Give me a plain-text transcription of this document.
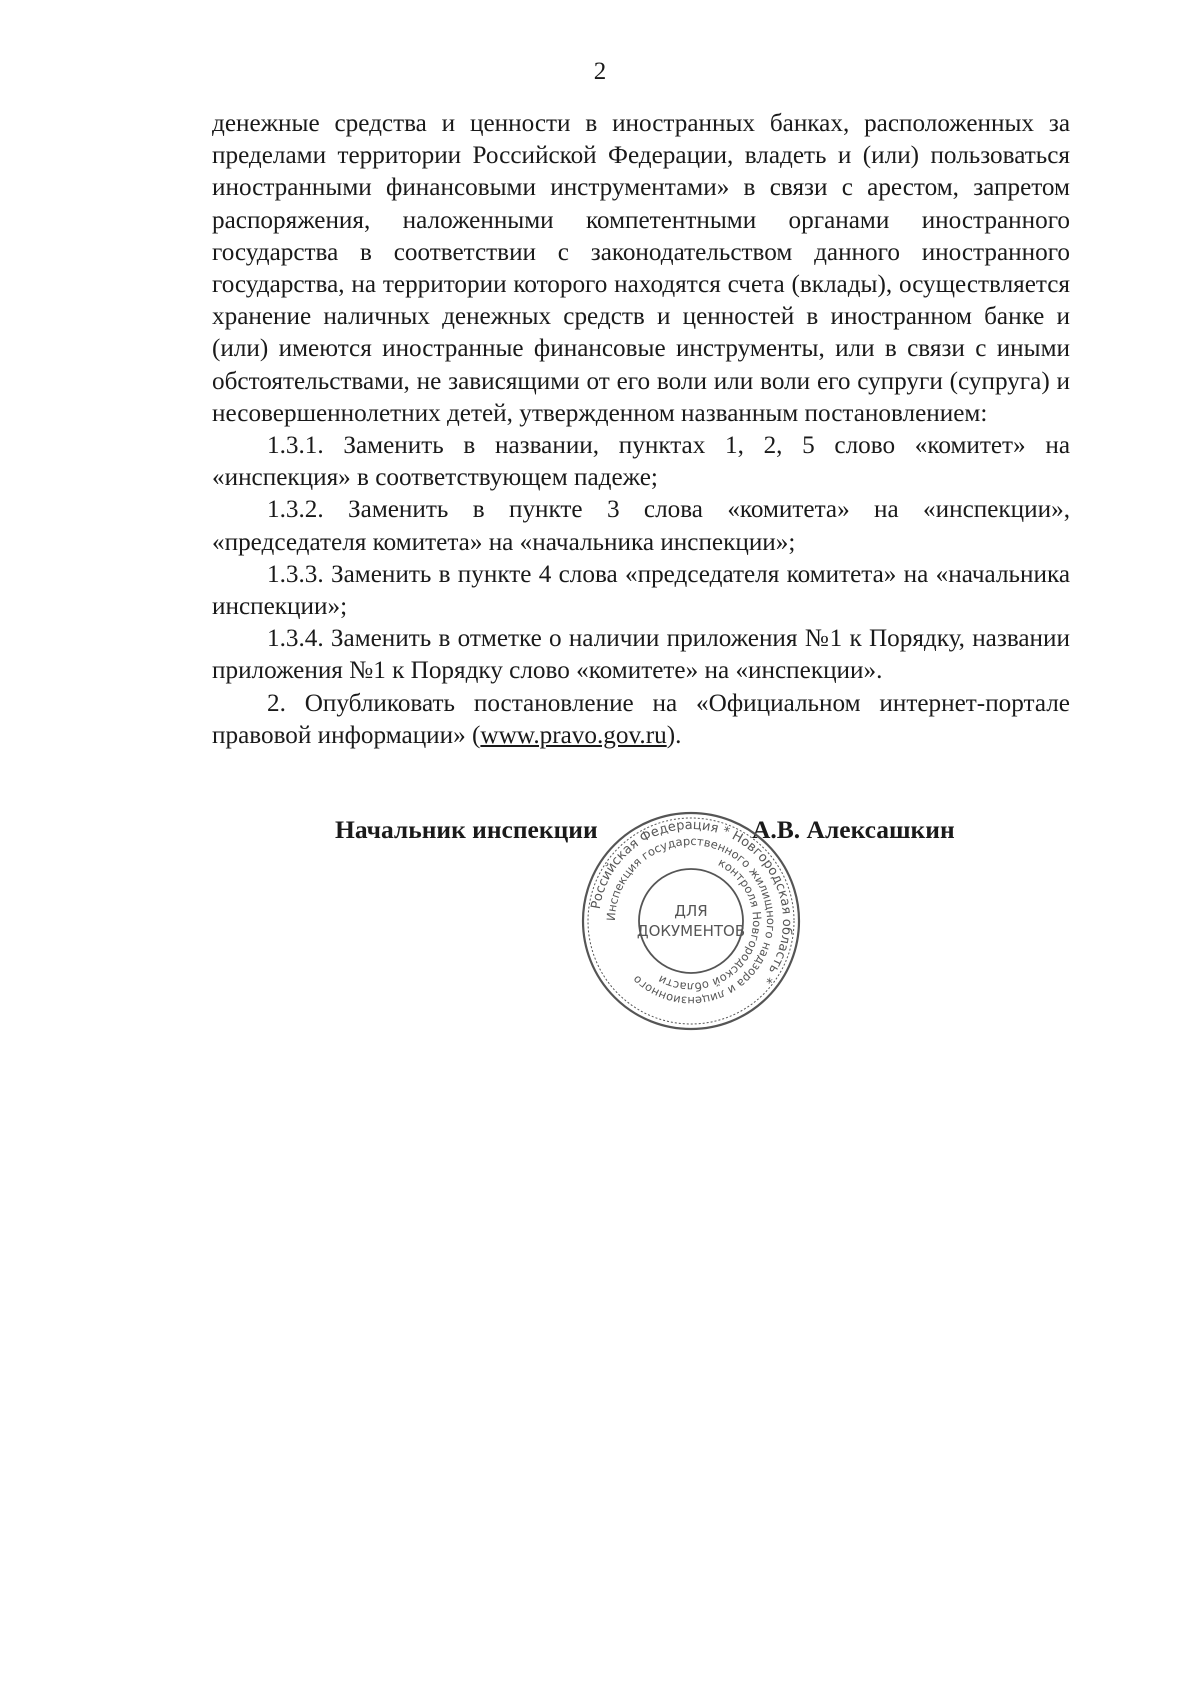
2

денежные средства и ценности в иностранных банках, расположенных за пределами территории Российской Федерации, владеть и (или) пользоваться иностранными финансовыми инструментами» в связи с арестом, запретом распоряжения, наложенными компетентными органами иностранного государства в соответствии с законодательством данного иностранного государства, на территории которого находятся счета (вклады), осуществляется хранение наличных денежных средств и ценностей в иностранном банке и (или) имеются иностранные финансовые инструменты, или в связи с иными обстоятельствами, не зависящими от его воли или воли его супруги (супруга) и несовершеннолетних детей, утвержденном названным постановлением:

1.3.1. Заменить в названии, пунктах 1, 2, 5 слово «комитет» на «инспекция» в соответствующем падеже;

1.3.2. Заменить в пункте 3 слова «комитета» на «инспекции», «председателя комитета» на «начальника инспекции»;

1.3.3. Заменить в пункте 4 слова «председателя комитета» на «начальника инспекции»;

1.3.4. Заменить в отметке о наличии приложения №1 к Порядку, названии приложения №1 к Порядку слово «комитете» на «инспекции».

2. Опубликовать постановление на «Официальном интернет-портале правовой информации» (www.pravo.gov.ru).

Начальник инспекции	А.В. Алексашкин
Российская Федерация * Новгородская область *
Инспекция государственного жилищного надзора и лицензионного
контроля Новгородской области
ДЛЯ
ДОКУМЕНТОВ
